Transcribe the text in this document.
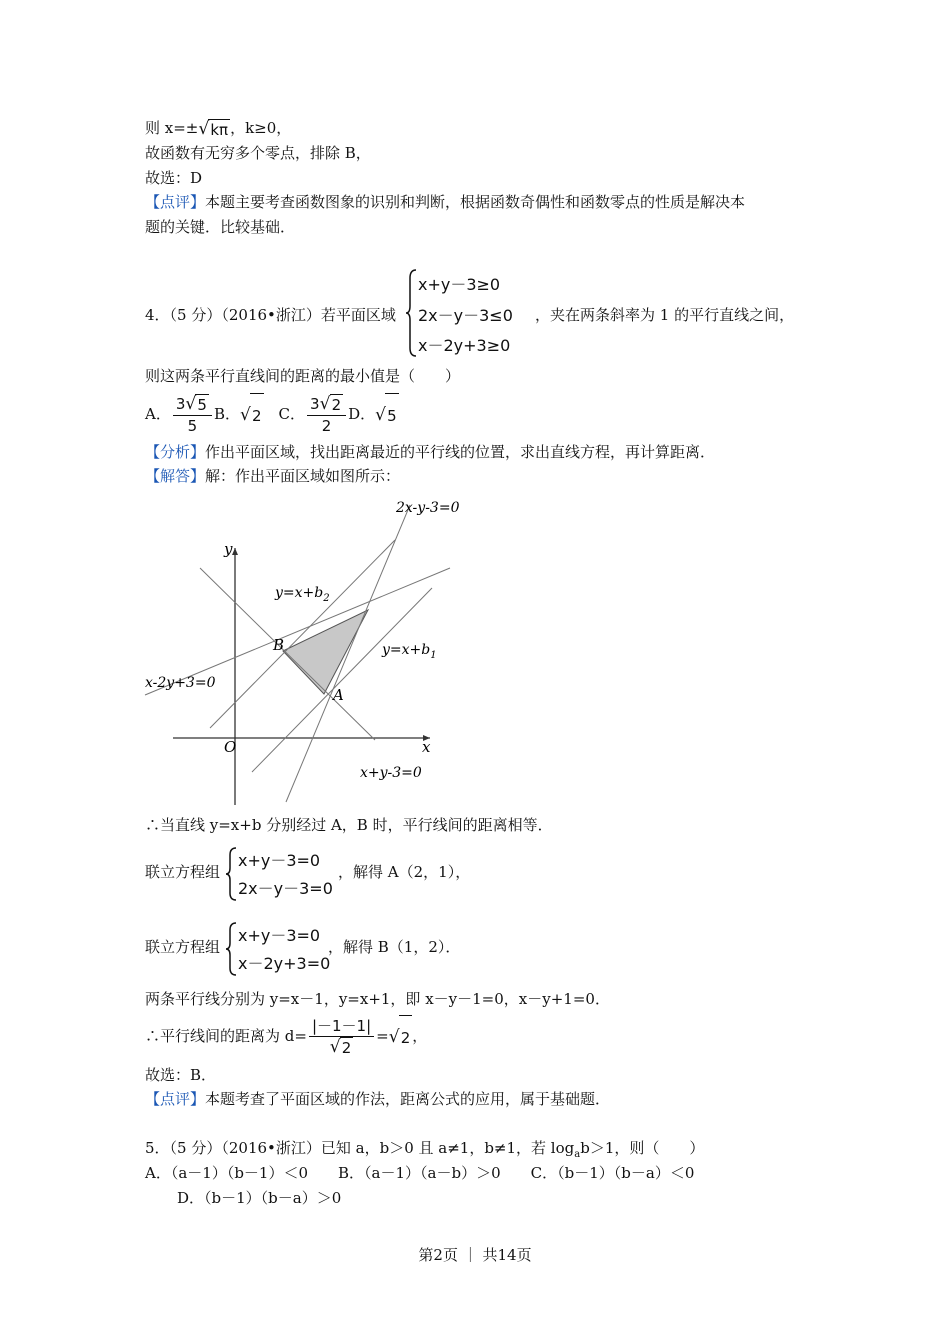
则 x=± √ kπ ，k≥0，
故函数有无穷多个零点，排除 B，
故选：D
【点评】本题主要考查函数图象的识别和判断，根据函数奇偶性和函数零点的性质是解决本
题的关键．比较基础．
4．（5 分）（2016•浙江）若平面区域
x+y－3≥0
2x－y－3≤0
x－2y+3≥0
，夹在两条斜率为 1 的平行直线之间，
则这两条平行直线间的距离的最小值是（　　）
A． $\frac{3 √ 5}{5}$ B． √ 2　 C． $\frac{3 √ 2}{2}$ D． √ 5
【分析】作出平面区域，找出距离最近的平行线的位置，求出直线方程，再计算距离．
【解答】解：作出平面区域如图所示：
2x-y-3=0
y
$y=x+b_2$
B	$y=x+b_1$
x-2y+3=0
A
O	x
x+y-3=0
∴当直线 y=x+b 分别经过 A，B 时，平行线间的距离相等．
联立方程组
x+y－3=0
2x－y－3=0
，解得 A（2，1），
联立方程组
x+y－3=0
x－2y+3=0
，解得 B（1，2）．
两条平行线分别为 y=x－1，y=x+1，即 x－y－1=0，x－y+1=0．
∴平行线间的距离为 $d= \frac{|-1-1|}{√ 2}$ = √ 2 ，
故选：B．
【点评】本题考查了平面区域的作法，距离公式的应用，属于基础题．
5．（5 分）（2016•浙江）已知 a，b＞0 且 a≠1，b≠1，若 $\log_ab>1$，则（　　）
A．（a－1）（b－1）＜0　　 B．（a－1）（a－b）＞0　　 C．（b－1）（b－a）＜0
D．（b－1）（b－a）＞0
第2页 ｜ 共14页
